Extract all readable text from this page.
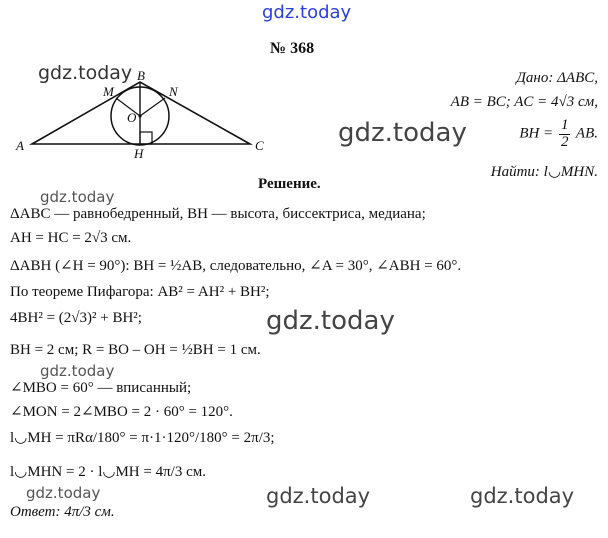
gdz.today
№ 368
A
B
C
M	N
O
H
gdz.today	Дано: ΔABC,
AB = BC; AC = 4√3 см,
BH = $\frac{1}{2}$ AB.
Найти: l◡MHN.
gdz.today
Решение.
gdz.today
ΔABC — равнобедренный, BH — высота, биссектриса, медиана;
AH = HC = 2√3 см.
ΔABH (∠H = 90°): BH = ½AB, следовательно, ∠A = 30°, ∠ABH = 60°.
По теореме Пифагора: AB² = AH² + BH²;
4BH² = (2√3)² + BH²;	gdz.today
BH = 2 см; R = BO – OH = ½BH = 1 см.
gdz.today
∠MBO = 60° — вписанный;
∠MON = 2∠MBO = 2 · 60° = 120°.
l◡MH = πRα/180° = π·1·120°/180° = 2π/3;
l◡MHN = 2 · l◡MH = 4π/3 см.
gdz.today	gdz.today	gdz.today
Ответ: 4π/3 см.
